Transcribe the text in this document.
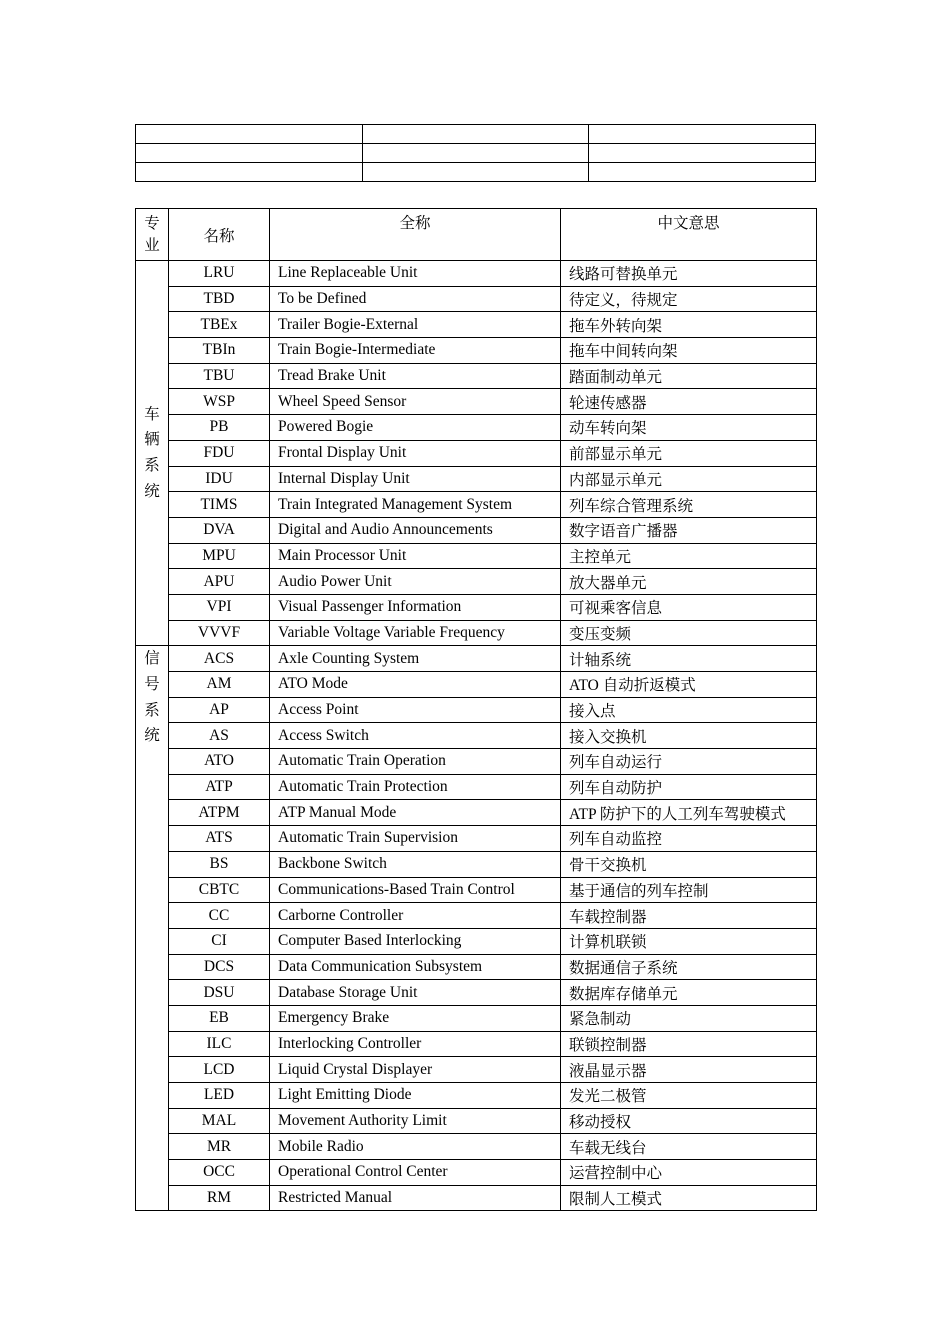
专业	名称	全称	中文意思

车辆系统	LRU	Line Replaceable Unit	线路可替换单元
	TBD	To be Defined	待定义，待规定
	TBEx	Trailer Bogie-External	拖车外转向架
	TBIn	Train Bogie-Intermediate	拖车中间转向架
	TBU	Tread Brake Unit	踏面制动单元
	WSP	Wheel Speed Sensor	轮速传感器
	PB	Powered Bogie	动车转向架
	FDU	Frontal Display Unit	前部显示单元
	IDU	Internal Display Unit	内部显示单元
	TIMS	Train Integrated Management System	列车综合管理系统
	DVA	Digital and Audio Announcements	数字语音广播器
	MPU	Main Processor Unit	主控单元
	APU	Audio Power Unit	放大器单元
	VPI	Visual Passenger Information	可视乘客信息
	VVVF	Variable Voltage Variable Frequency	变压变频

信号系统	ACS	Axle Counting System	计轴系统
	AM	ATO Mode	ATO 自动折返模式
	AP	Access Point	接入点
	AS	Access Switch	接入交换机
	ATO	Automatic Train Operation	列车自动运行
	ATP	Automatic Train Protection	列车自动防护
	ATPM	ATP Manual Mode	ATP 防护下的人工列车驾驶模式
	ATS	Automatic Train Supervision	列车自动监控
	BS	Backbone Switch	骨干交换机
	CBTC	Communications-Based Train Control	基于通信的列车控制
	CC	Carborne Controller	车载控制器
	CI	Computer Based Interlocking	计算机联锁
	DCS	Data Communication Subsystem	数据通信子系统
	DSU	Database Storage Unit	数据库存储单元
	EB	Emergency Brake	紧急制动
	ILC	Interlocking Controller	联锁控制器
	LCD	Liquid Crystal Displayer	液晶显示器
	LED	Light Emitting Diode	发光二极管
	MAL	Movement Authority Limit	移动授权
	MR	Mobile Radio	车载无线台
	OCC	Operational Control Center	运营控制中心
	RM	Restricted Manual	限制人工模式
